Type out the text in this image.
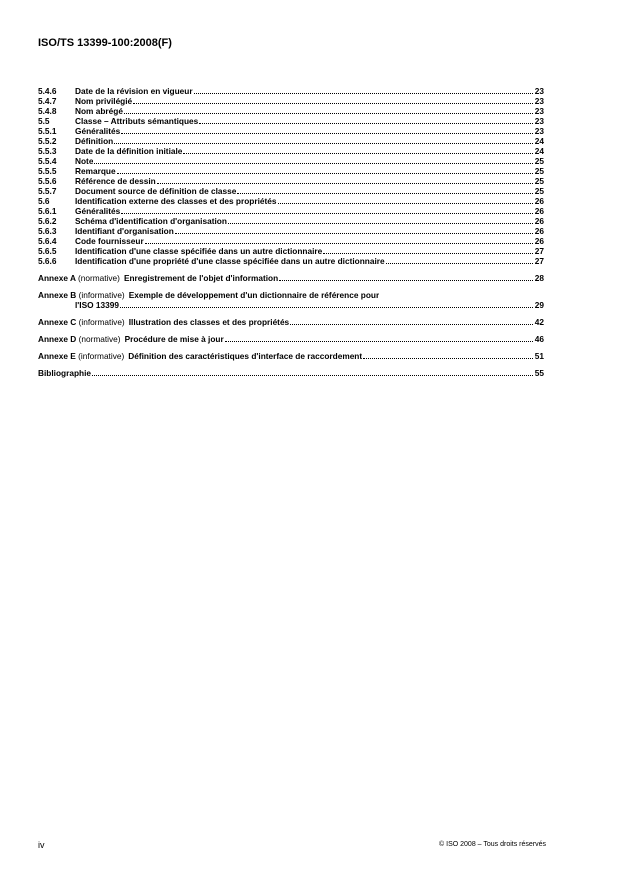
ISO/TS 13399-100:2008(F)
5.4.6	Date de la révision en vigueur	23
5.4.7	Nom privilégié	23
5.4.8	Nom abrégé	23
5.5	Classe – Attributs sémantiques	23
5.5.1	Généralités	23
5.5.2	Définition	24
5.5.3	Date de la définition initiale	24
5.5.4	Note	25
5.5.5	Remarque	25
5.5.6	Référence de dessin	25
5.5.7	Document source de définition de classe	25
5.6	Identification externe des classes et des propriétés	26
5.6.1	Généralités	26
5.6.2	Schéma d'identification d'organisation	26
5.6.3	Identifiant d'organisation	26
5.6.4	Code fournisseur	26
5.6.5	Identification d'une classe spécifiée dans un autre dictionnaire	27
5.6.6	Identification d'une propriété d'une classe spécifiée dans un autre dictionnaire	27
Annexe A (normative) Enregistrement de l'objet d'information	28
Annexe B (informative) Exemple de développement d'un dictionnaire de référence pour
l'ISO 13399	29
Annexe C (informative) Illustration des classes et des propriétés	42
Annexe D (normative) Procédure de mise à jour	46
Annexe E (informative) Définition des caractéristiques d'interface de raccordement	51
Bibliographie	55
iv	© ISO 2008 – Tous droits réservés
